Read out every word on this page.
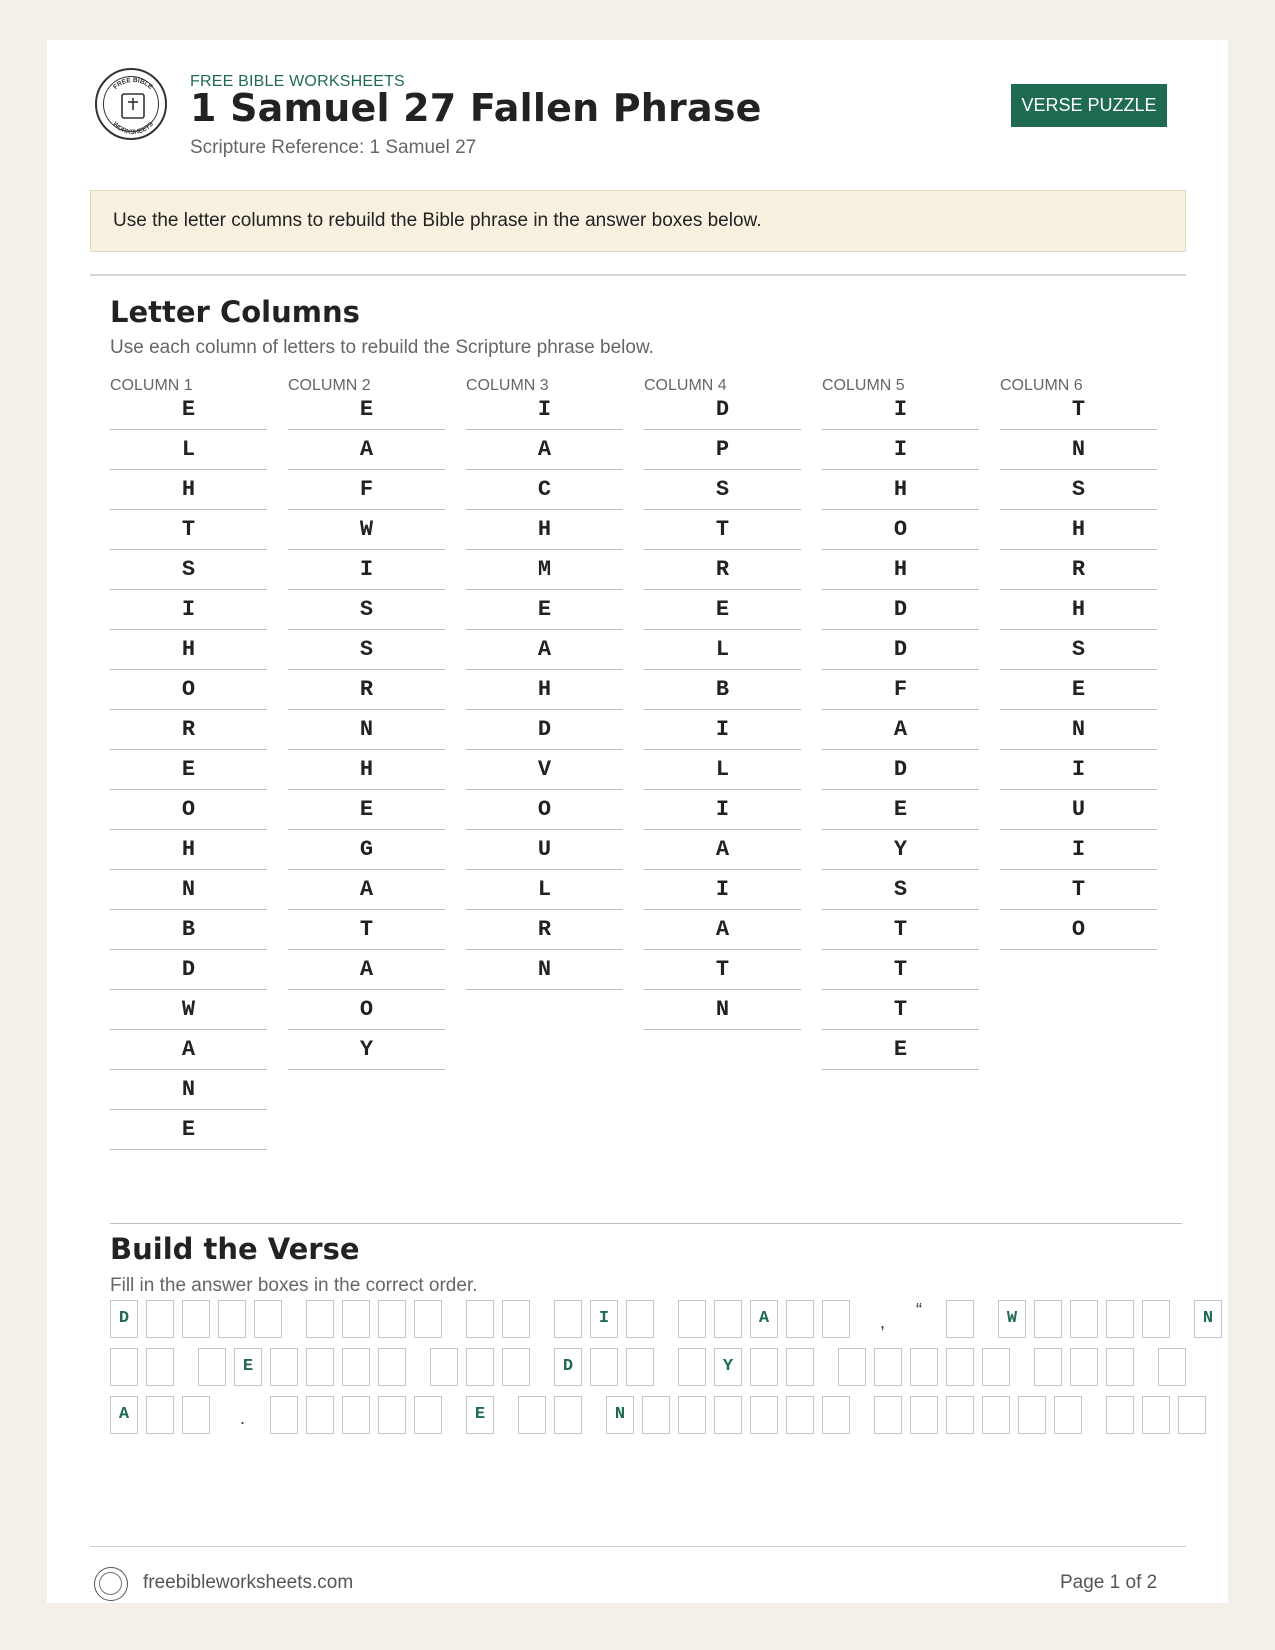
FREE BIBLE
WORKSHEETS
FREE BIBLE WORKSHEETS
1 Samuel 27 Fallen Phrase
Scripture Reference: 1 Samuel 27
VERSE PUZZLE
Use the letter columns to rebuild the Bible phrase in the answer boxes below.
Letter Columns
Use each column of letters to rebuild the Scripture phrase below.
COLUMN 1
E
L
H
T
S
I
H
O
R
E
O
H
N
B
D
W
A
N
E
COLUMN 2
E
A
F
W
I
S
S
R
N
H
E
G
A
T
A
O
Y
COLUMN 3
I
A
C
H
M
E
A
H
D
V
O
U
L
R
N
COLUMN 4
D
P
S
T
R
E
L
B
I
L
I
A
I
A
T
N
COLUMN 5
I
I
H
O
H
D
D
F
A
D
E
Y
S
T
T
T
E
COLUMN 6
T
N
S
H
R
H
S
E
N
I
U
I
T
O
Build the Verse
Fill in the answer boxes in the correct order.
D	I	A	,
“	W	N
E	D	Y
A	.	E	N
freebibleworksheets.com	Page 1 of 2
